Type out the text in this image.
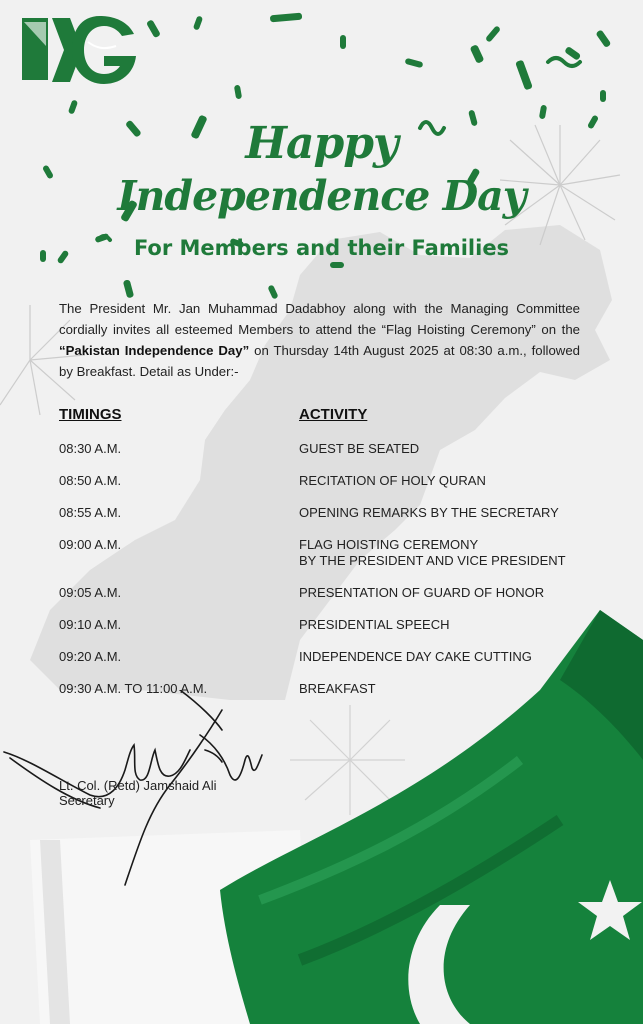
Happy
Independence Day
For Members and their Families
The President Mr. Jan Muhammad Dadabhoy along with the Managing Committee cordially invites all esteemed Members to attend the “Flag Hoisting Ceremony” on the “Pakistan Independence Day” on Thursday 14th August 2025 at 08:30 a.m., followed by Breakfast. Detail as Under:-
TIMINGS	ACTIVITY
08:30 A.M.	GUEST BE SEATED
08:50 A.M.	RECITATION OF HOLY QURAN
08:55 A.M.	OPENING REMARKS BY THE SECRETARY
09:00 A.M.	FLAG HOISTING CEREMONY
BY THE PRESIDENT AND VICE PRESIDENT
09:05 A.M.	PRESENTATION OF GUARD OF HONOR
09:10 A.M.	PRESIDENTIAL SPEECH
09:20 A.M.	INDEPENDENCE DAY CAKE CUTTING
09:30 A.M. TO 11:00 A.M.	BREAKFAST
Lt. Col. (Retd) Jamshaid Ali
Secretary
